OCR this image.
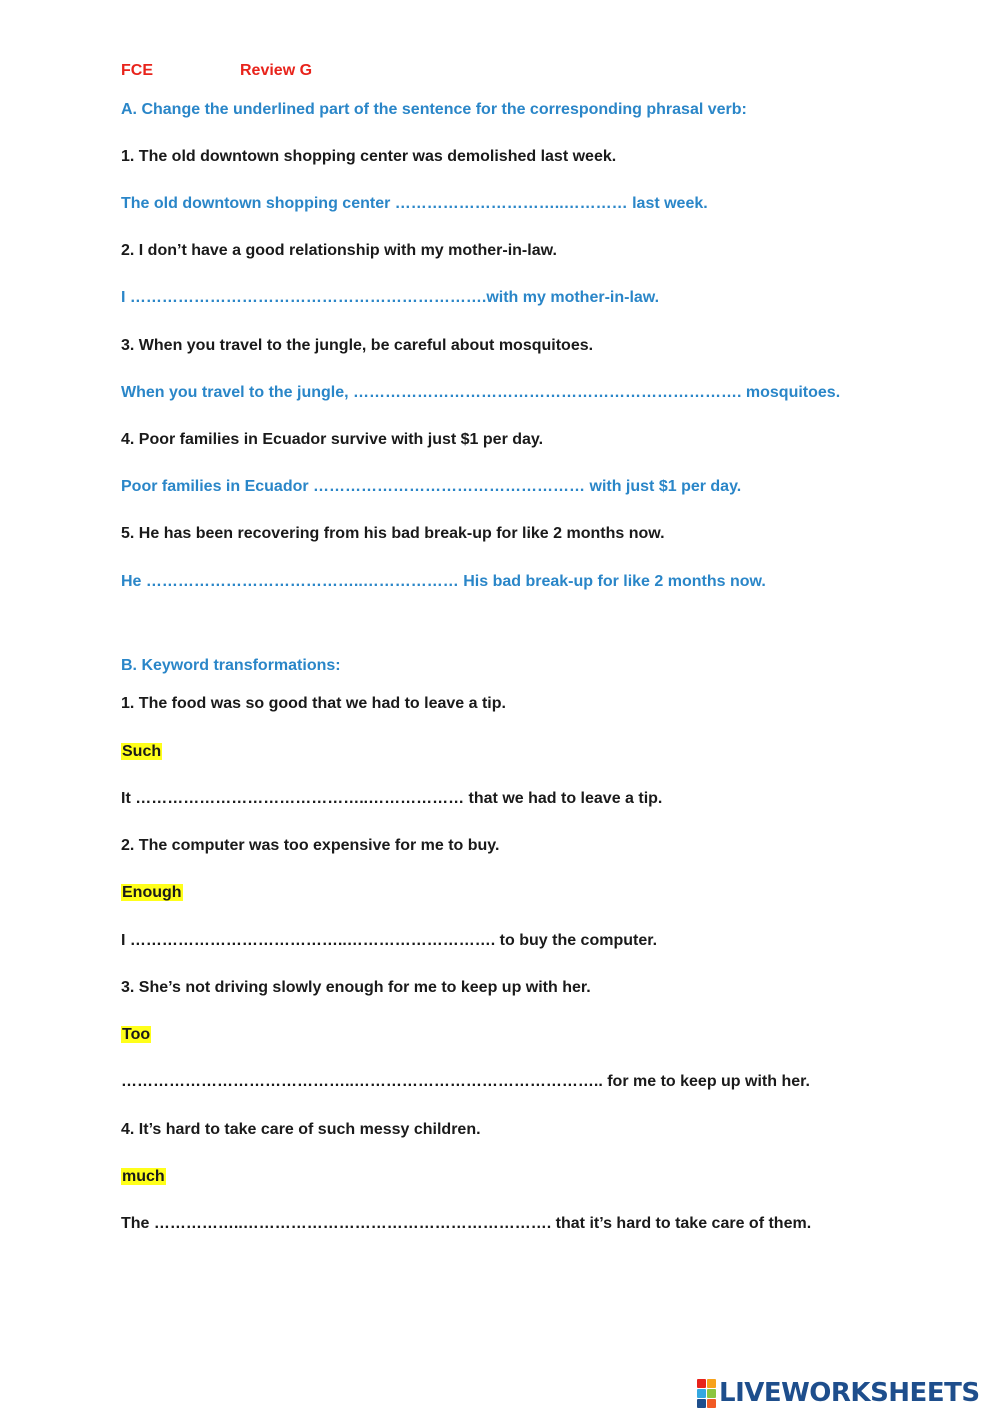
FCE	Review G
A. Change the underlined part of the sentence for the corresponding phrasal verb:
1. The old downtown shopping center was demolished last week.
The old downtown shopping center …………………………..………… last week.
2. I don’t have a good relationship with my mother-in-law.
I ………………………………………………………….with my mother-in-law.
3. When you travel to the jungle, be careful about mosquitoes.
When you travel to the jungle, ………………………………………………………………. mosquitoes.
4. Poor families in Ecuador survive with just $1 per day.
Poor families in Ecuador …………………………………………… with just $1 per day.
5. He has been recovering from his bad break-up for like 2 months now.
He …………………………………..……………… His bad break-up for like 2 months now.
B. Keyword transformations:
1. The food was so good that we had to leave a tip.
Such
It ……………………………………..……………… that we had to leave a tip.
2. The computer was too expensive for me to buy.
Enough
I …………………………………..………………………. to buy the computer.
3. She’s not driving slowly enough for me to keep up with her.
Too
……………………………………..……………………………………….. for me to keep up with her.
4. It’s hard to take care of such messy children.
much
The ……………..…………………………………………………. that it’s hard to take care of them.
LIVEWORKSHEETS
